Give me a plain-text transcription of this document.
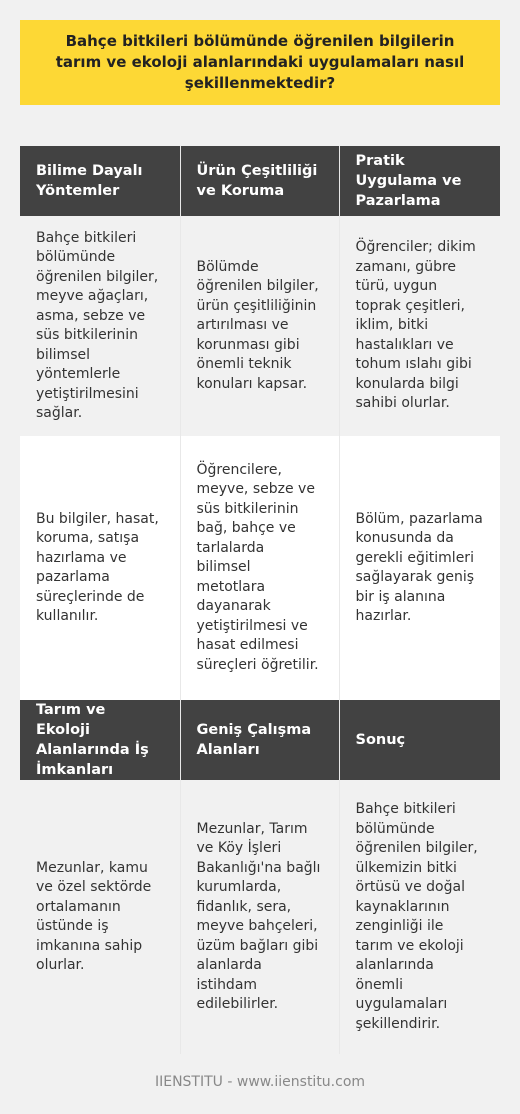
Bahçe bitkileri bölümünde öğrenilen bilgilerin tarım ve ekoloji alanlarındaki uygulamaları nasıl şekillenmektedir?
Bilime Dayalı Yöntemler	Ürün Çeşitliliği ve Koruma	Pratik Uygulama ve Pazarlama
Bahçe bitkileri bölümünde öğrenilen bilgiler, meyve ağaçları, asma, sebze ve süs bitkilerinin bilimsel yöntemlerle yetiştirilmesini sağlar.	Bölümde öğrenilen bilgiler, ürün çeşitliliğinin artırılması ve korunması gibi önemli teknik konuları kapsar.	Öğrenciler; dikim zamanı, gübre türü, uygun toprak çeşitleri, iklim, bitki hastalıkları ve tohum ıslahı gibi konularda bilgi sahibi olurlar.
Bu bilgiler, hasat, koruma, satışa hazırlama ve pazarlama süreçlerinde de kullanılır.	Öğrencilere, meyve, sebze ve süs bitkilerinin bağ, bahçe ve tarlalarda bilimsel metotlara dayanarak yetiştirilmesi ve hasat edilmesi süreçleri öğretilir.	Bölüm, pazarlama konusunda da gerekli eğitimleri sağlayarak geniş bir iş alanına hazırlar.
Tarım ve Ekoloji Alanlarında İş İmkanları	Geniş Çalışma Alanları	Sonuç
Mezunlar, kamu ve özel sektörde ortalamanın üstünde iş imkanına sahip olurlar.	Mezunlar, Tarım ve Köy İşleri Bakanlığı'na bağlı kurumlarda, fidanlık, sera, meyve bahçeleri, üzüm bağları gibi alanlarda istihdam edilebilirler.	Bahçe bitkileri bölümünde öğrenilen bilgiler, ülkemizin bitki örtüsü ve doğal kaynaklarının zenginliği ile tarım ve ekoloji alanlarında önemli uygulamaları şekillendirir.
IIENSTITU - www.iienstitu.com
